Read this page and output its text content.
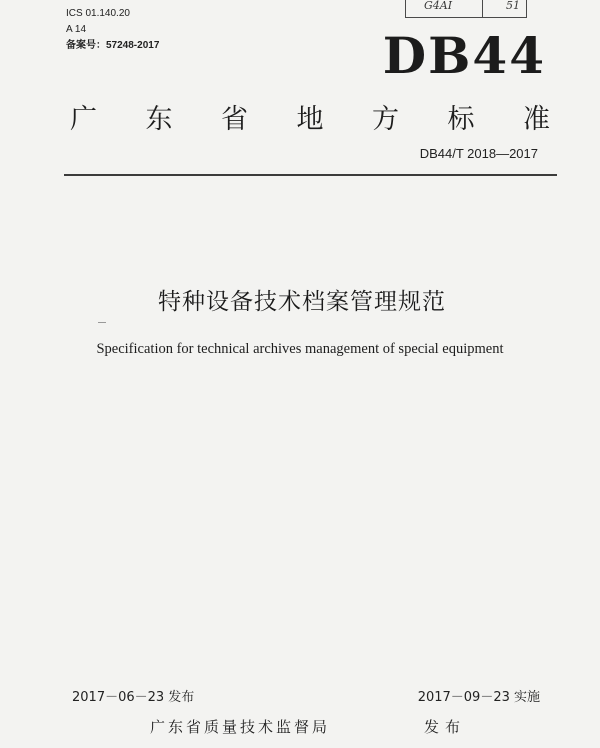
ICS 01.140.20
A 14
备案号：57248-2017
G4AI	51
DB44
广 东 省 地 方 标 准
DB44/T 2018—2017
特种设备技术档案管理规范
Specification for technical archives management of special equipment
2017－06－23 发布	2017－09－23 实施
广东省质量技术监督局	发布
